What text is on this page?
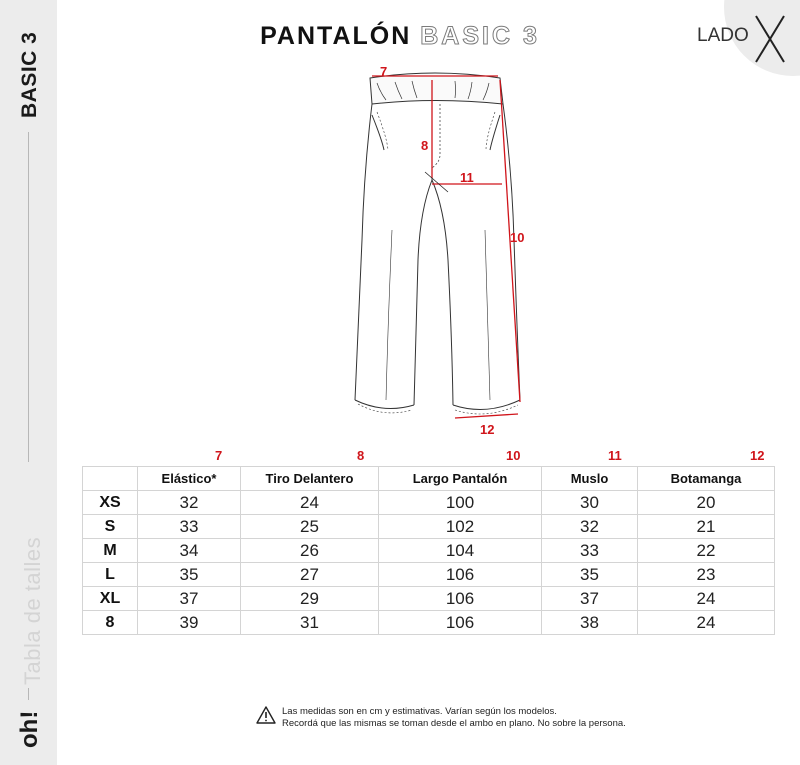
BASIC 3
Tabla de talles
oh!
PANTALÓN BASIC 3	LADO
7
8
11
10
12
7	8	10	11	12
	Elástico*	Tiro Delantero	Largo Pantalón	Muslo	Botamanga
XS	32	24	100	30	20
S	33	25	102	32	21
M	34	26	104	33	22
L	35	27	106	35	23
XL	37	29	106	37	24
8	39	31	106	38	24
Las medidas son en cm y estimativas. Varían según los modelos.
Recordá que las mismas se toman desde el ambo en plano. No sobre la persona.
